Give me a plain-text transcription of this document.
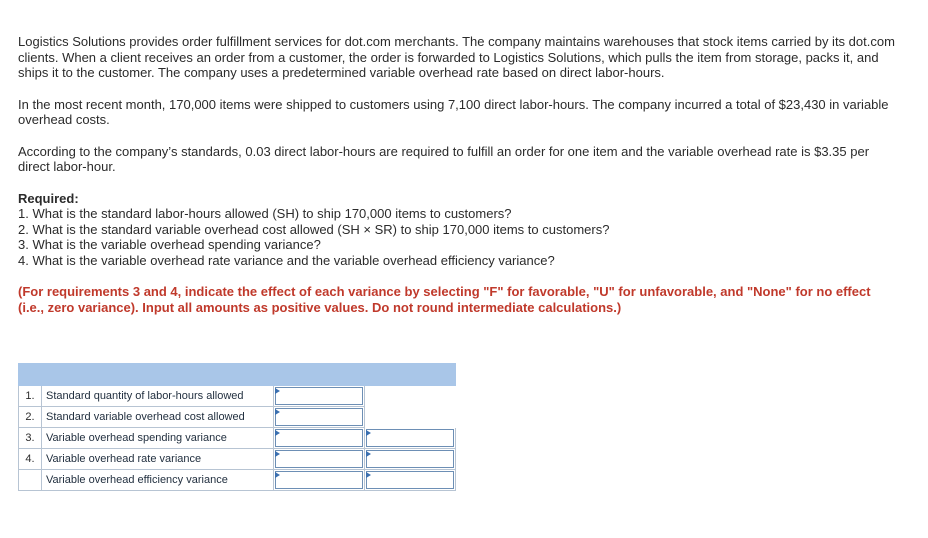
Logistics Solutions provides order fulfillment services for dot.com merchants. The company maintains warehouses that stock items carried by its dot.com clients. When a client receives an order from a customer, the order is forwarded to Logistics Solutions, which pulls the item from storage, packs it, and ships it to the customer. The company uses a predetermined variable overhead rate based on direct labor-hours.

In the most recent month, 170,000 items were shipped to customers using 7,100 direct labor-hours. The company incurred a total of $23,430 in variable overhead costs.

According to the company’s standards, 0.03 direct labor-hours are required to fulfill an order for one item and the variable overhead rate is $3.35 per direct labor-hour.

Required:

1. What is the standard labor-hours allowed (SH) to ship 170,000 items to customers?
2. What is the standard variable overhead cost allowed (SH × SR) to ship 170,000 items to customers?
3. What is the variable overhead spending variance?
4. What is the variable overhead rate variance and the variable overhead efficiency variance?

(For requirements 3 and 4, indicate the effect of each variance by selecting "F" for favorable, "U" for unfavorable, and "None" for no effect (i.e., zero variance). Input all amounts as positive values. Do not round intermediate calculations.)

1.	Standard quantity of labor-hours allowed	

2.	Standard variable overhead cost allowed	

3.	Variable overhead spending variance	

4.	Variable overhead rate variance	

	Variable overhead efficiency variance	
